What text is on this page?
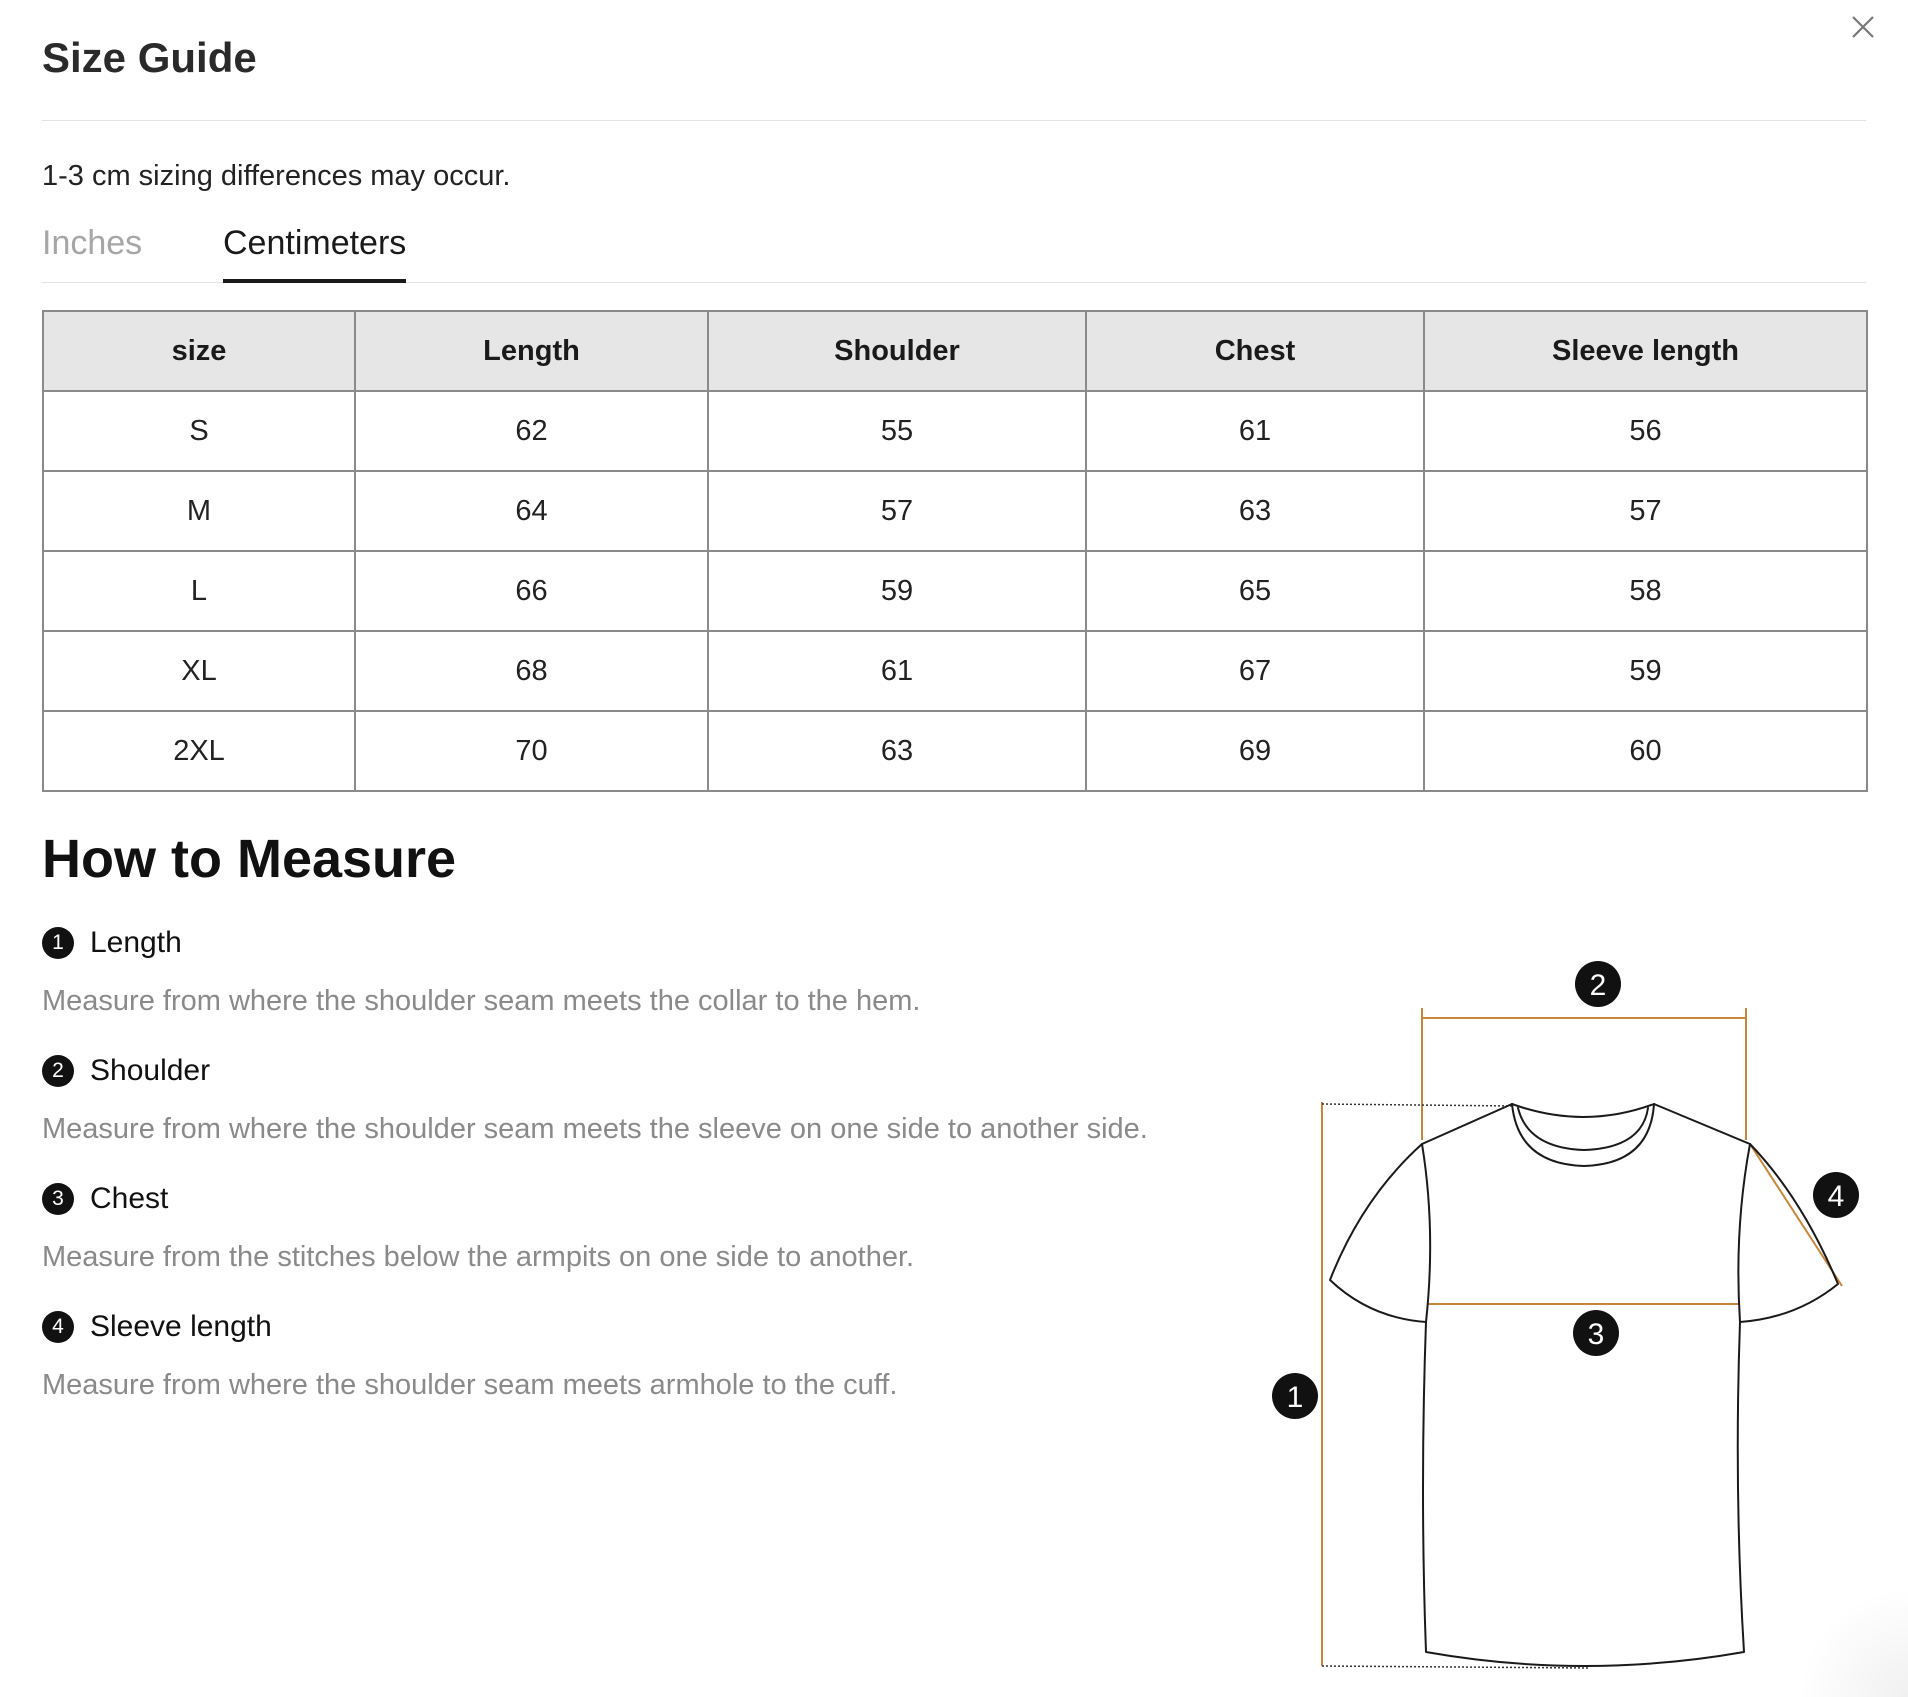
Size Guide
1-3 cm sizing differences may occur.
Inches Centimeters
size	Length	Shoulder	Chest	Sleeve length
S	62	55	61	56
M	64	57	63	57
L	66	59	65	58
XL	68	61	67	59
2XL	70	63	69	60
How to Measure
1 Length
Measure from where the shoulder seam meets the collar to the hem.
2 Shoulder
Measure from where the shoulder seam meets the sleeve on one side to another side.
3 Chest
Measure from the stitches below the armpits on one side to another.
4 Sleeve length
Measure from where the shoulder seam meets armhole to the cuff.
2
1
3
4
